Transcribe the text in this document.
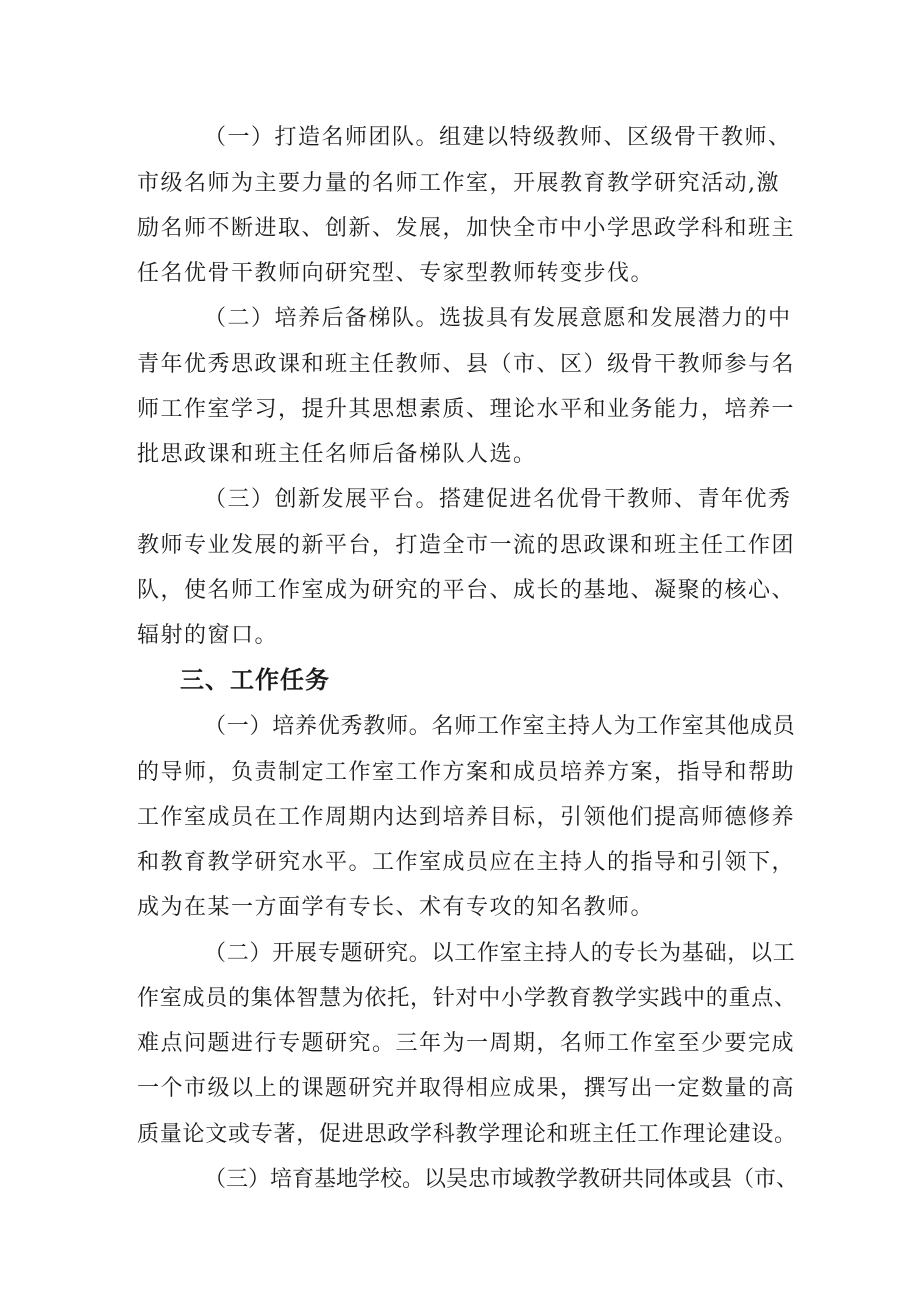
（一）打造名师团队。组建以特级教师、区级骨干教师、
市级名师为主要力量的名师工作室，开展教育教学研究活动,激
励名师不断进取、创新、发展，加快全市中小学思政学科和班主
任名优骨干教师向研究型、专家型教师转变步伐。
（二）培养后备梯队。选拔具有发展意愿和发展潜力的中
青年优秀思政课和班主任教师、县（市、区）级骨干教师参与名
师工作室学习，提升其思想素质、理论水平和业务能力，培养一
批思政课和班主任名师后备梯队人选。
（三）创新发展平台。搭建促进名优骨干教师、青年优秀
教师专业发展的新平台，打造全市一流的思政课和班主任工作团
队，使名师工作室成为研究的平台、成长的基地、凝聚的核心、
辐射的窗口。
三、工作任务
（一）培养优秀教师。名师工作室主持人为工作室其他成员
的导师，负责制定工作室工作方案和成员培养方案，指导和帮助
工作室成员在工作周期内达到培养目标，引领他们提高师德修养
和教育教学研究水平。工作室成员应在主持人的指导和引领下，
成为在某一方面学有专长、术有专攻的知名教师。
（二）开展专题研究。以工作室主持人的专长为基础，以工
作室成员的集体智慧为依托，针对中小学教育教学实践中的重点、
难点问题进行专题研究。三年为一周期，名师工作室至少要完成
一个市级以上的课题研究并取得相应成果，撰写出一定数量的高
质量论文或专著，促进思政学科教学理论和班主任工作理论建设。
（三）培育基地学校。以吴忠市域教学教研共同体或县（市、
